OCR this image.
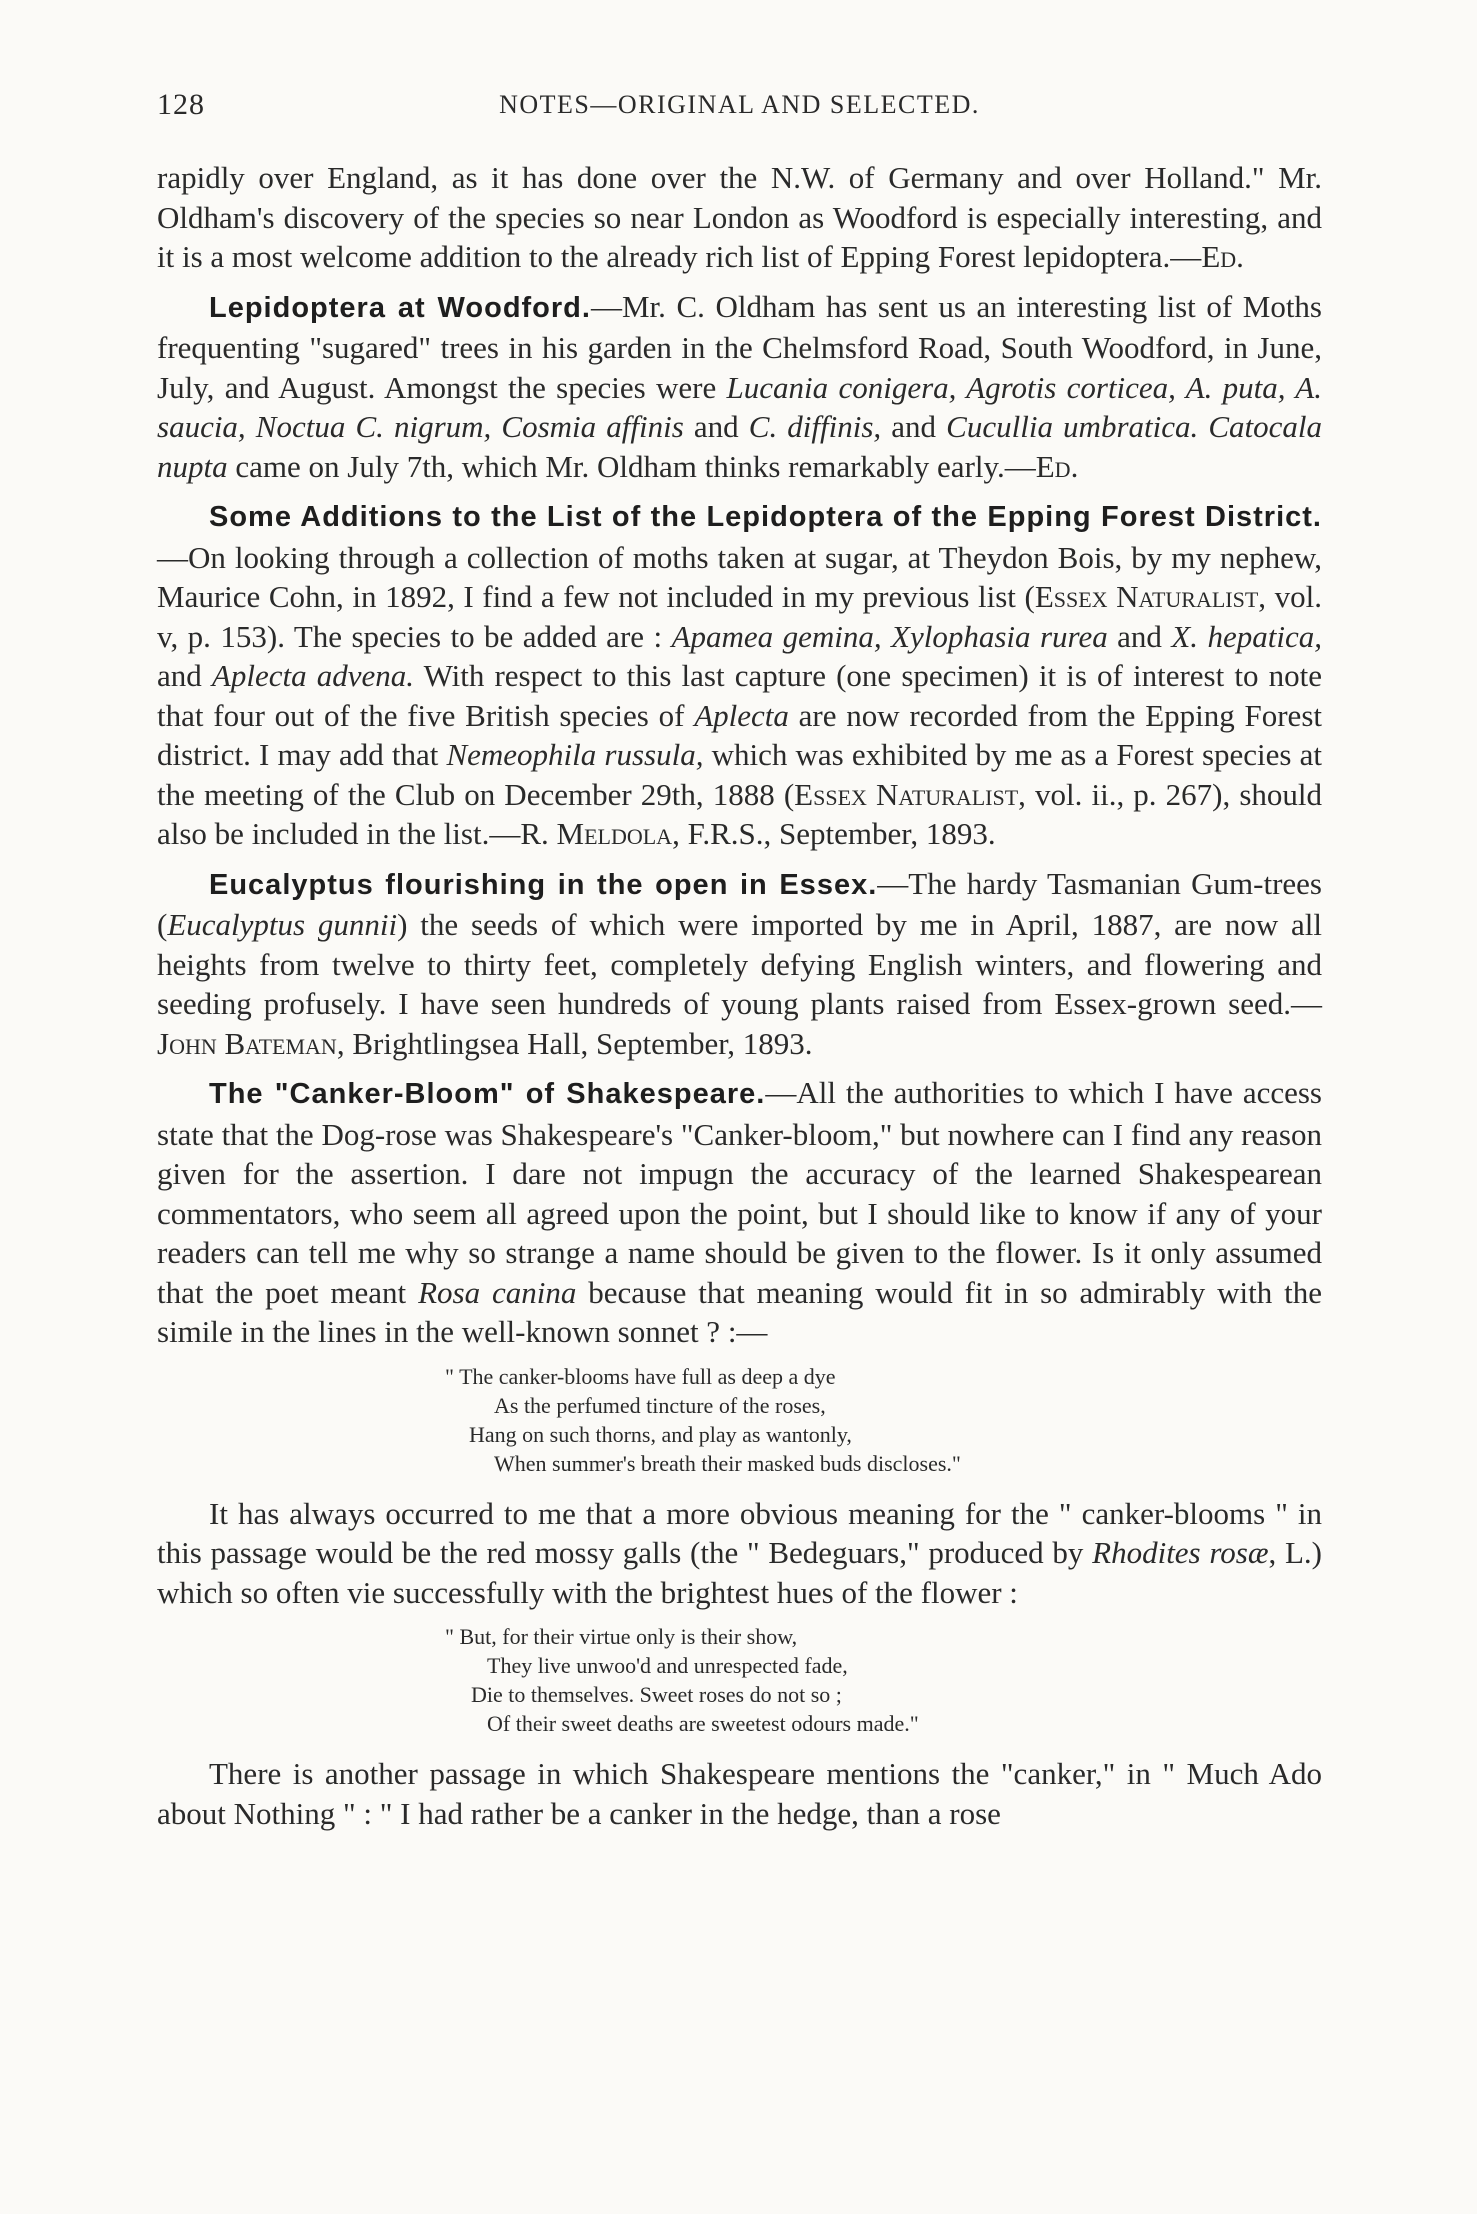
128	NOTES—ORIGINAL AND SELECTED.

rapidly over England, as it has done over the N.W. of Germany and over Holland." Mr. Oldham's discovery of the species so near London as Woodford is especially interesting, and it is a most welcome addition to the already rich list of Epping Forest lepidoptera.—Ed.

Lepidoptera at Woodford.—Mr. C. Oldham has sent us an interesting list of Moths frequenting "sugared" trees in his garden in the Chelmsford Road, South Woodford, in June, July, and August. Amongst the species were Lucania conigera, Agrotis corticea, A. puta, A. saucia, Noctua C. nigrum, Cosmia affinis and C. diffinis, and Cucullia umbratica. Catocala nupta came on July 7th, which Mr. Oldham thinks remarkably early.—Ed.

Some Additions to the List of the Lepidoptera of the Epping Forest District.—On looking through a collection of moths taken at sugar, at Theydon Bois, by my nephew, Maurice Cohn, in 1892, I find a few not included in my previous list (Essex Naturalist, vol. v, p. 153). The species to be added are : Apamea gemina, Xylophasia rurea and X. hepatica, and Aplecta advena. With respect to this last capture (one specimen) it is of interest to note that four out of the five British species of Aplecta are now recorded from the Epping Forest district. I may add that Nemeophila russula, which was exhibited by me as a Forest species at the meeting of the Club on December 29th, 1888 (Essex Naturalist, vol. ii., p. 267), should also be included in the list.—R. Meldola, F.R.S., September, 1893.

Eucalyptus flourishing in the open in Essex.—The hardy Tasmanian Gum-trees (Eucalyptus gunnii) the seeds of which were imported by me in April, 1887, are now all heights from twelve to thirty feet, completely defying English winters, and flowering and seeding profusely. I have seen hundreds of young plants raised from Essex-grown seed.—John Bateman, Brightlingsea Hall, September, 1893.

The "Canker-Bloom" of Shakespeare.—All the authorities to which I have access state that the Dog-rose was Shakespeare's "Canker-bloom," but nowhere can I find any reason given for the assertion. I dare not impugn the accuracy of the learned Shakespearean commentators, who seem all agreed upon the point, but I should like to know if any of your readers can tell me why so strange a name should be given to the flower. Is it only assumed that the poet meant Rosa canina because that meaning would fit in so admirably with the simile in the lines in the well-known sonnet ? :—

" The canker-blooms have full as deep a dye
As the perfumed tincture of the roses,
Hang on such thorns, and play as wantonly,
When summer's breath their masked buds discloses."

It has always occurred to me that a more obvious meaning for the " canker-blooms " in this passage would be the red mossy galls (the " Bedeguars," produced by Rhodites rosæ, L.) which so often vie successfully with the brightest hues of the flower :

" But, for their virtue only is their show,
They live unwoo'd and unrespected fade,
Die to themselves. Sweet roses do not so ;
Of their sweet deaths are sweetest odours made."

There is another passage in which Shakespeare mentions the "canker," in " Much Ado about Nothing " : " I had rather be a canker in the hedge, than a rose
